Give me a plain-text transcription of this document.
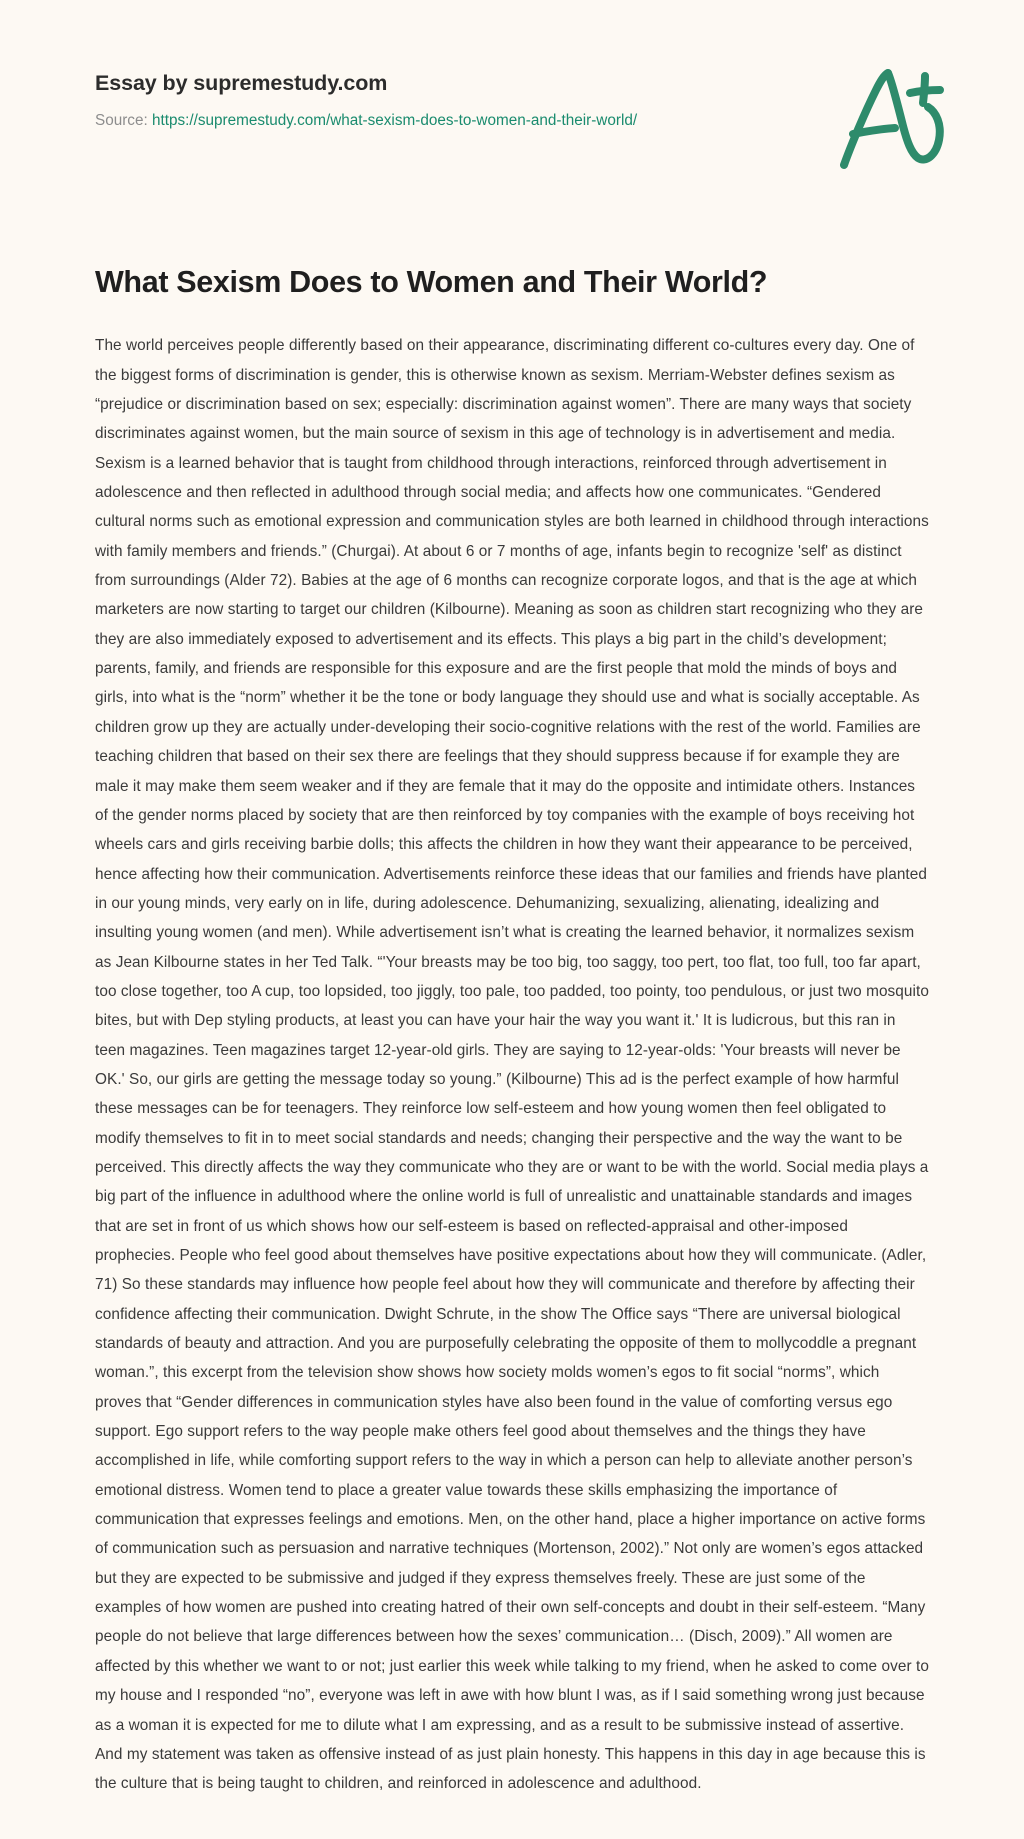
Essay by supremestudy.com
Source: https://supremestudy.com/what-sexism-does-to-women-and-their-world/
What Sexism Does to Women and Their World?

The world perceives people differently based on their appearance, discriminating different co-cultures every day. One of the biggest forms of discrimination is gender, this is otherwise known as sexism. Merriam-Webster defines sexism as “prejudice or discrimination based on sex; especially: discrimination against women”. There are many ways that society discriminates against women, but the main source of sexism in this age of technology is in advertisement and media. Sexism is a learned behavior that is taught from childhood through interactions, reinforced through advertisement in adolescence and then reflected in adulthood through social media; and affects how one communicates. “Gendered cultural norms such as emotional expression and communication styles are both learned in childhood through interactions with family members and friends.” (Churgai). At about 6 or 7 months of age, infants begin to recognize 'self' as distinct from surroundings (Alder 72). Babies at the age of 6 months can recognize corporate logos, and that is the age at which marketers are now starting to target our children (Kilbourne). Meaning as soon as children start recognizing who they are they are also immediately exposed to advertisement and its effects. This plays a big part in the child’s development; parents, family, and friends are responsible for this exposure and are the first people that mold the minds of boys and girls, into what is the “norm” whether it be the tone or body language they should use and what is socially acceptable. As children grow up they are actually under-developing their socio-cognitive relations with the rest of the world. Families are teaching children that based on their sex there are feelings that they should suppress because if for example they are male it may make them seem weaker and if they are female that it may do the opposite and intimidate others. Instances of the gender norms placed by society that are then reinforced by toy companies with the example of boys receiving hot wheels cars and girls receiving barbie dolls; this affects the children in how they want their appearance to be perceived, hence affecting how their communication. Advertisements reinforce these ideas that our families and friends have planted in our young minds, very early on in life, during adolescence. Dehumanizing, sexualizing, alienating, idealizing and insulting young women (and men). While advertisement isn’t what is creating the learned behavior, it normalizes sexism as Jean Kilbourne states in her Ted Talk. “'Your breasts may be too big, too saggy, too pert, too flat, too full, too far apart, too close together, too A cup, too lopsided, too jiggly, too pale, too padded, too pointy, too pendulous, or just two mosquito bites, but with Dep styling products, at least you can have your hair the way you want it.' It is ludicrous, but this ran in teen magazines. Teen magazines target 12-year-old girls. They are saying to 12-year-olds: 'Your breasts will never be OK.' So, our girls are getting the message today so young.” (Kilbourne) This ad is the perfect example of how harmful these messages can be for teenagers. They reinforce low self-esteem and how young women then feel obligated to modify themselves to fit in to meet social standards and needs; changing their perspective and the way the want to be perceived. This directly affects the way they communicate who they are or want to be with the world. Social media plays a big part of the influence in adulthood where the online world is full of unrealistic and unattainable standards and images that are set in front of us which shows how our self-esteem is based on reflected-appraisal and other-imposed prophecies. People who feel good about themselves have positive expectations about how they will communicate. (Adler, 71) So these standards may influence how people feel about how they will communicate and therefore by affecting their confidence affecting their communication. Dwight Schrute, in the show The Office says “There are universal biological standards of beauty and attraction. And you are purposefully celebrating the opposite of them to mollycoddle a pregnant woman.”, this excerpt from the television show shows how society molds women’s egos to fit social “norms”, which proves that “Gender differences in communication styles have also been found in the value of comforting versus ego support. Ego support refers to the way people make others feel good about themselves and the things they have accomplished in life, while comforting support refers to the way in which a person can help to alleviate another person’s emotional distress. Women tend to place a greater value towards these skills emphasizing the importance of communication that expresses feelings and emotions. Men, on the other hand, place a higher importance on active forms of communication such as persuasion and narrative techniques (Mortenson, 2002).” Not only are women’s egos attacked but they are expected to be submissive and judged if they express themselves freely. These are just some of the examples of how women are pushed into creating hatred of their own self-concepts and doubt in their self-esteem. “Many people do not believe that large differences between how the sexes’ communication… (Disch, 2009).” All women are affected by this whether we want to or not; just earlier this week while talking to my friend, when he asked to come over to my house and I responded “no”, everyone was left in awe with how blunt I was, as if I said something wrong just because as a woman it is expected for me to dilute what I am expressing, and as a result to be submissive instead of assertive. And my statement was taken as offensive instead of as just plain honesty. This happens in this day in age because this is the culture that is being taught to children, and reinforced in adolescence and adulthood.
